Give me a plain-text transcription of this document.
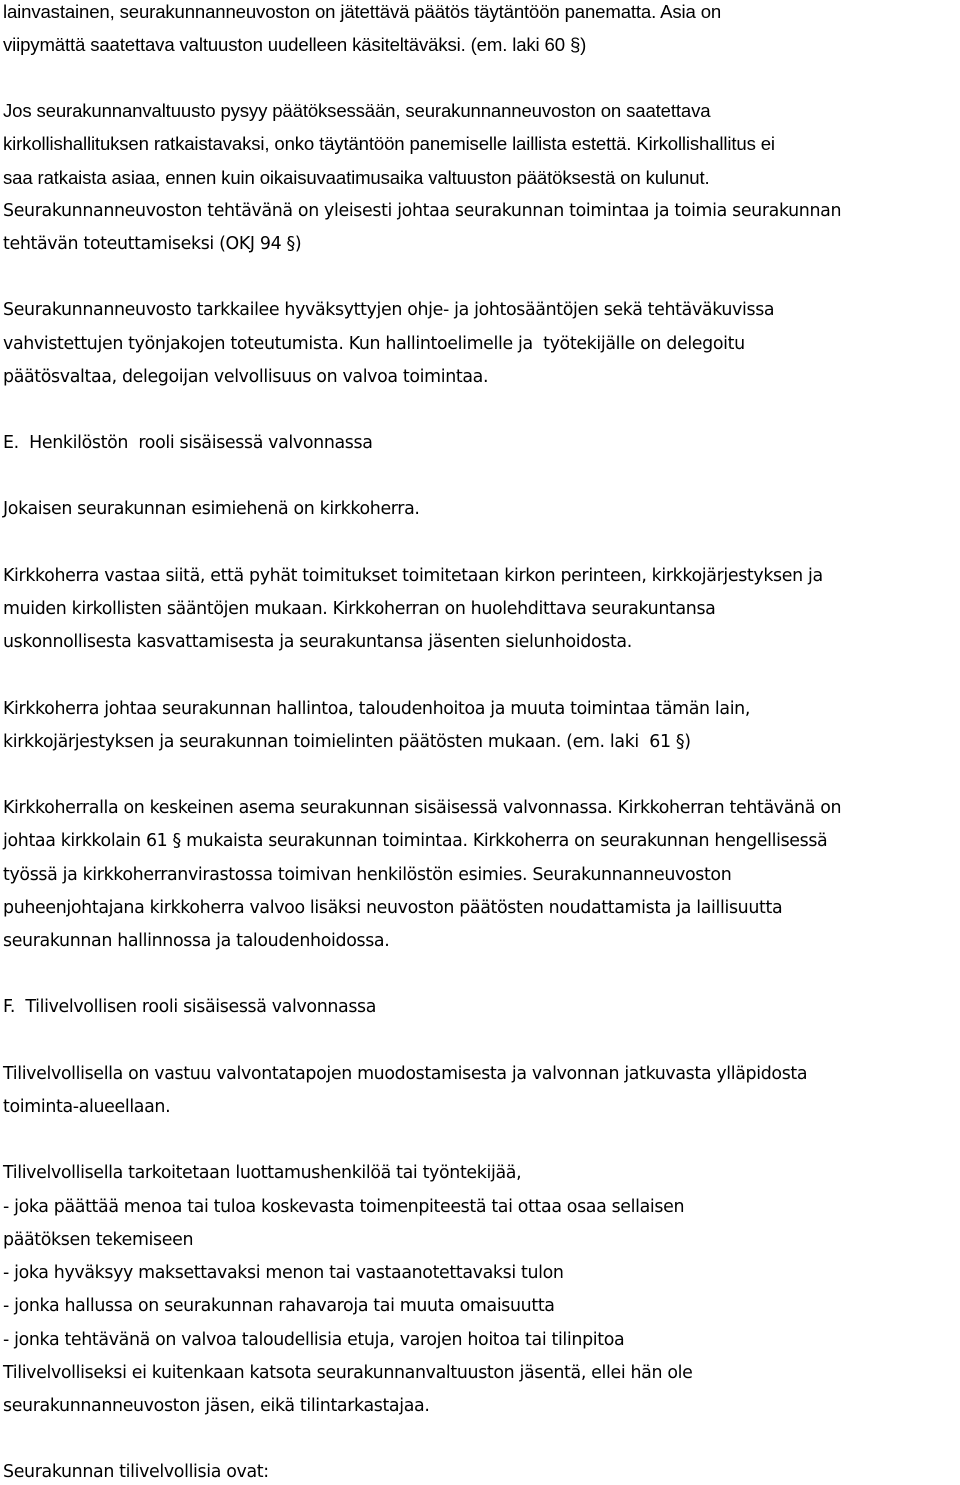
lainvastainen, seurakunnanneuvoston on jätettävä päätös täytäntöön panematta. Asia on
viipymättä saatettava valtuuston uudelleen käsiteltäväksi. (em. laki 60 §)
Jos seurakunnanvaltuusto pysyy päätöksessään, seurakunnanneuvoston on saatettava
kirkollishallituksen ratkaistavaksi, onko täytäntöön panemiselle laillista estettä. Kirkollishallitus ei
saa ratkaista asiaa, ennen kuin oikaisuvaatimusaika valtuuston päätöksestä on kulunut.
Seurakunnanneuvoston tehtävänä on yleisesti johtaa seurakunnan toimintaa ja toimia seurakunnan
tehtävän toteuttamiseksi (OKJ 94 §)
Seurakunnanneuvosto tarkkailee hyväksyttyjen ohje- ja johtosääntöjen sekä tehtäväkuvissa
vahvistettujen työnjakojen toteutumista. Kun hallintoelimelle ja  työtekijälle on delegoitu
päätösvaltaa, delegoijan velvollisuus on valvoa toimintaa.
E.  Henkilöstön  rooli sisäisessä valvonnassa
Jokaisen seurakunnan esimiehenä on kirkkoherra.
Kirkkoherra vastaa siitä, että pyhät toimitukset toimitetaan kirkon perinteen, kirkkojärjestyksen ja
muiden kirkollisten sääntöjen mukaan. Kirkkoherran on huolehdittava seurakuntansa
uskonnollisesta kasvattamisesta ja seurakuntansa jäsenten sielunhoidosta.
Kirkkoherra johtaa seurakunnan hallintoa, taloudenhoitoa ja muuta toimintaa tämän lain,
kirkkojärjestyksen ja seurakunnan toimielinten päätösten mukaan. (em. laki  61 §)
Kirkkoherralla on keskeinen asema seurakunnan sisäisessä valvonnassa. Kirkkoherran tehtävänä on
johtaa kirkkolain 61 § mukaista seurakunnan toimintaa. Kirkkoherra on seurakunnan hengellisessä
työssä ja kirkkoherranvirastossa toimivan henkilöstön esimies. Seurakunnanneuvoston
puheenjohtajana kirkkoherra valvoo lisäksi neuvoston päätösten noudattamista ja laillisuutta
seurakunnan hallinnossa ja taloudenhoidossa.
F.  Tilivelvollisen rooli sisäisessä valvonnassa
Tilivelvollisella on vastuu valvontatapojen muodostamisesta ja valvonnan jatkuvasta ylläpidosta
toiminta-alueellaan.
Tilivelvollisella tarkoitetaan luottamushenkilöä tai työntekijää,
- joka päättää menoa tai tuloa koskevasta toimenpiteestä tai ottaa osaa sellaisen
päätöksen tekemiseen
- joka hyväksyy maksettavaksi menon tai vastaanotettavaksi tulon
- jonka hallussa on seurakunnan rahavaroja tai muuta omaisuutta
- jonka tehtävänä on valvoa taloudellisia etuja, varojen hoitoa tai tilinpitoa
Tilivelvolliseksi ei kuitenkaan katsota seurakunnanvaltuuston jäsentä, ellei hän ole
seurakunnanneuvoston jäsen, eikä tilintarkastajaa.
Seurakunnan tilivelvollisia ovat:
